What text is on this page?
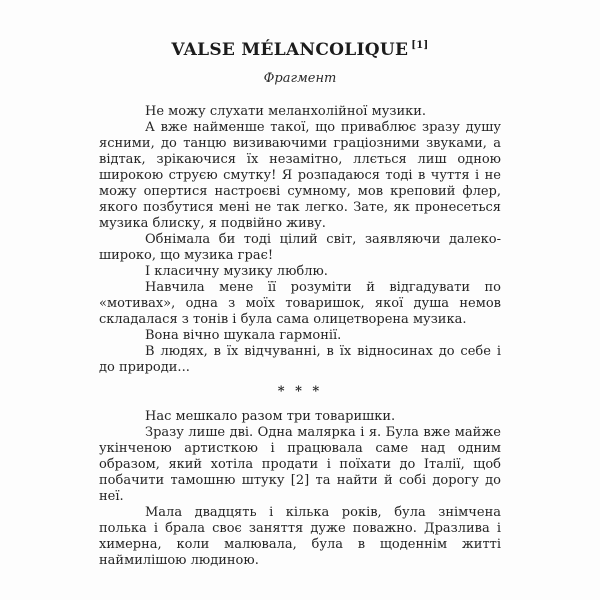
VALSE MÉLANCOLIQUE [1]
Фрагмент

Не можу слухати меланхолійної музики.

А вже найменше такої, що приваблює зразу душу ясними, до танцю визиваючими граціозними звуками, а відтак, зрікаючися їх незамітно, ллється лиш одною широкою струєю смутку! Я розпадаюся тоді в чуття і не можу опертися настроєві сумному, мов креповий флер, якого позбутися мені не так легко. Зате, як пронесеться музика блиску, я подвійно живу.

Обнімала би тоді цілий світ, заявляючи далеко-широко, що музика грає!

І класичну музику люблю.

Навчила мене її розуміти й відгадувати по «мотивах», одна з моїх товаришок, якої душа немов складалася з тонів і була сама олицетворена музика.

Вона вічно шукала гармонії.

В людях, в їх відчуванні, в їх відносинах до себе і до природи...

* * *

Нас мешкало разом три товаришки.

Зразу лише дві. Одна малярка і я. Була вже майже укінченою артисткою і працювала саме над одним образом, який хотіла продати і поїхати до Італії, щоб побачити тамошню штуку [2] та найти й собі дорогу до неї.

Мала двадцять і кілька років, була знімчена полька і брала своє заняття дуже поважно. Дразлива і химерна, коли малювала, була в щоденнім житті наймилішою людиною.
